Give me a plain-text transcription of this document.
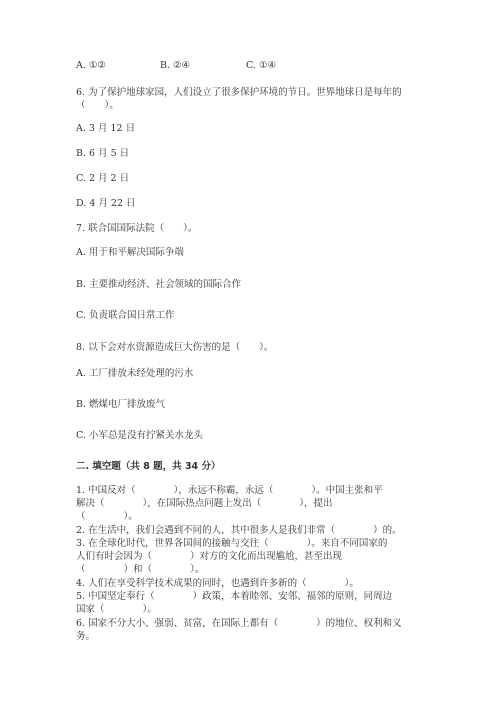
A. ①②	B. ②④	C. ①④
6. 为了保护地球家园，人们设立了很多保护环境的节日。世界地球日是每年的
（　　）。
A. 3 月 12 日
B. 6 月 5 日
C. 2 月 2 日
D. 4 月 22 日
7. 联合国国际法院（　　）。
A. 用于和平解决国际争端
B. 主要推动经济、社会领域的国际合作
C. 负责联合国日常工作
8. 以下会对水资源造成巨大伤害的是（　　）。
A. 工厂排放未经处理的污水
B. 燃煤电厂排放废气
C. 小军总是没有拧紧关水龙头
二. 填空题（共 8 题，共 34 分）
1. 中国反对（　　　　），永远不称霸，永远（　　　　）。中国主张和平
解决（　　　　），在国际热点问题上发出（　　　　），提出
（　　　　）。
2. 在生活中，我们会遇到不同的人，其中很多人是我们非常（　　　　）的。
3. 在全球化时代，世界各国间的接触与交往（　　　　）。来自不同国家的
人们有时会因为（　　　　）对方的文化而出现尴尬，甚至出现
（　　　　）和（　　　　）。
4. 人们在享受科学技术成果的同时，也遇到许多新的（　　　　）。
5. 中国坚定奉行（　　　　）政策，本着睦邻、安邻、福邻的原则，同周边
国家（　　　　）。
6. 国家不分大小、强弱、贫富，在国际上都有（　　　　）的地位、权利和义
务。
